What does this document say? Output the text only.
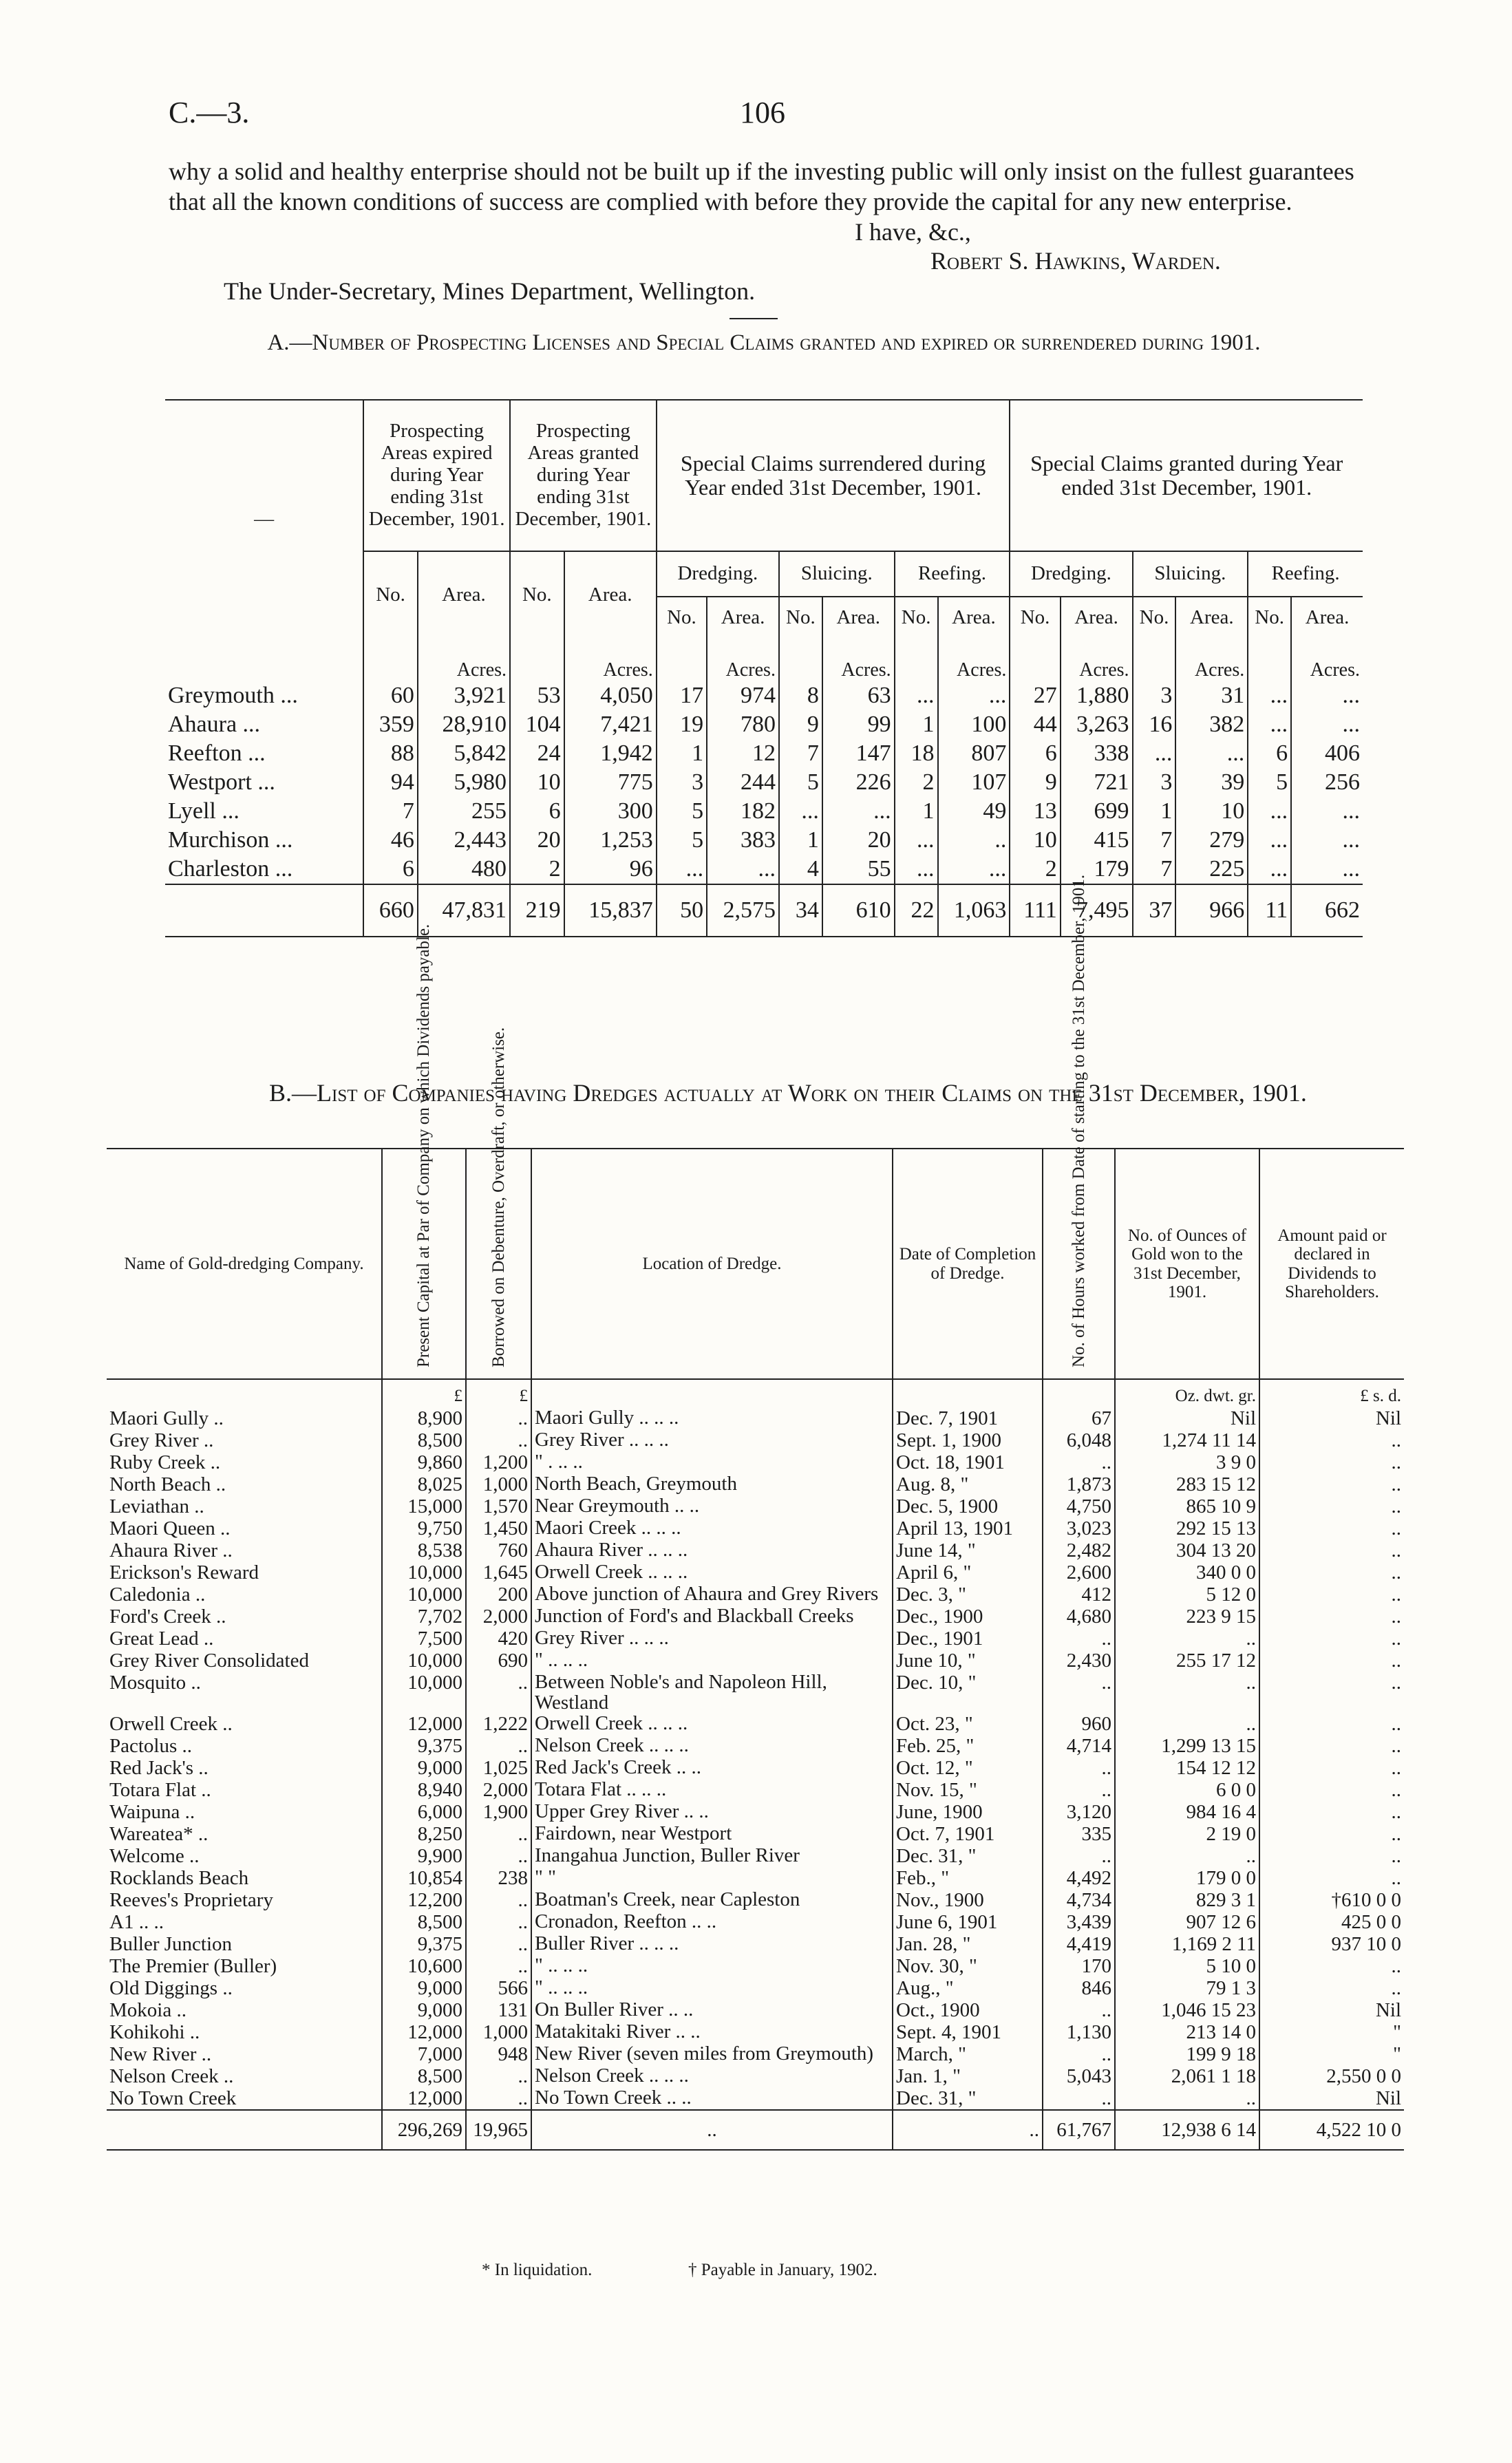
C.—3.	106
why a solid and healthy enterprise should not be built up if the investing public will only insist on the fullest guarantees that all the known conditions of success are complied with before they provide the capital for any new enterprise.
I have, &c.,
Robert S. Hawkins, Warden.
The Under-Secretary, Mines Department, Wellington.
A.—Number of Prospecting Licenses and Special Claims granted and expired or surrendered during 1901.
—	Prospecting Areas expired during Year ending 31st December, 1901.		Prospecting Areas granted during Year ending 31st December, 1901.		Special Claims surrendered during Year ended 31st December, 1901.						Special Claims granted during Year ended 31st December, 1901.					
	No.	Area.	No.	Area.	Dredging.		Sluicing.		Reefing.		Dredging.		Sluicing.		Reefing.	
					No.	Area.	No.	Area.	No.	Area.	No.	Area.	No.	Area.	No.	Area.
		Acres.		Acres.		Acres.		Acres.		Acres.		Acres.		Acres.		Acres.
Greymouth ...	60	3,921	53	4,050	17	974	8	63	...	...	27	1,880	3	31	...	...
Ahaura ...	359	28,910	104	7,421	19	780	9	99	1	100	44	3,263	16	382	...	...
Reefton ...	88	5,842	24	1,942	1	12	7	147	18	807	6	338	...	...	6	406
Westport ...	94	5,980	10	775	3	244	5	226	2	107	9	721	3	39	5	256
Lyell ...	7	255	6	300	5	182	...	...	1	49	13	699	1	10	...	...
Murchison ...	46	2,443	20	1,253	5	383	1	20	...	..	10	415	7	279	...	...
Charleston ...	6	480	2	96	...	...	4	55	...	...	2	179	7	225	...	...
	660	47,831	219	15,837	50	2,575	34	610	22	1,063	111	7,495	37	966	11	662
B.—List of Companies having Dredges actually at Work on their Claims on the 31st December, 1901.
Name of Gold-dredging Company.	Present Capital at Par of Company on which Dividends payable.	Borrowed on Debenture, Overdraft, or otherwise.	Location of Dredge.	Date of Completion of Dredge.	No. of Hours worked from Date of starting to the 31st December, 1901.	No. of Ounces of Gold won to the 31st December, 1901.	Amount paid or declared in Dividends to Shareholders.
	£	£				Oz. dwt. gr.	£ s. d.
Maori Gully ..	8,900	..	Maori Gully .. .. ..	Dec. 7, 1901	67	Nil	Nil
Grey River ..	8,500	..	Grey River .. .. ..	Sept. 1, 1900	6,048	1,274 11 14	..
Ruby Creek ..	9,860	1,200	" . .. ..	Oct. 18, 1901	..	3 9 0	..
North Beach ..	8,025	1,000	North Beach, Greymouth	Aug. 8, "	1,873	283 15 12	..
Leviathan ..	15,000	1,570	Near Greymouth .. ..	Dec. 5, 1900	4,750	865 10 9	..
Maori Queen ..	9,750	1,450	Maori Creek .. .. ..	April 13, 1901	3,023	292 15 13	..
Ahaura River ..	8,538	760	Ahaura River .. .. ..	June 14, "	2,482	304 13 20	..
Erickson's Reward	10,000	1,645	Orwell Creek .. .. ..	April 6, "	2,600	340 0 0	..
Caledonia ..	10,000	200	Above junction of Ahaura and Grey Rivers	Dec. 3, "	412	5 12 0	..
Ford's Creek ..	7,702	2,000	Junction of Ford's and Blackball Creeks	Dec., 1900	4,680	223 9 15	..
Great Lead ..	7,500	420	Grey River .. .. ..	Dec., 1901	..	..	..
Grey River Consolidated	10,000	690	" .. .. ..	June 10, "	2,430	255 17 12	..
Mosquito ..	10,000	..	Between Noble's and Napoleon Hill, Westland	Dec. 10, "	..	..	..
Orwell Creek ..	12,000	1,222	Orwell Creek .. .. ..	Oct. 23, "	960	..	..
Pactolus ..	9,375	..	Nelson Creek .. .. ..	Feb. 25, "	4,714	1,299 13 15	..
Red Jack's ..	9,000	1,025	Red Jack's Creek .. ..	Oct. 12, "	..	154 12 12	..
Totara Flat ..	8,940	2,000	Totara Flat .. .. ..	Nov. 15, "	..	6 0 0	..
Waipuna ..	6,000	1,900	Upper Grey River .. ..	June, 1900	3,120	984 16 4	..
Wareatea* ..	8,250	..	Fairdown, near Westport	Oct. 7, 1901	335	2 19 0	..
Welcome ..	9,900	..	Inangahua Junction, Buller River	Dec. 31, "	..	..	..
Rocklands Beach	10,854	238	" "	Feb., "	4,492	179 0 0	..
Reeves's Proprietary	12,200	..	Boatman's Creek, near Capleston	Nov., 1900	4,734	829 3 1	†610 0 0
A1 .. ..	8,500	..	Cronadon, Reefton .. ..	June 6, 1901	3,439	907 12 6	425 0 0
Buller Junction	9,375	..	Buller River .. .. ..	Jan. 28, "	4,419	1,169 2 11	937 10 0
The Premier (Buller)	10,600	..	" .. .. ..	Nov. 30, "	170	5 10 0	..
Old Diggings ..	9,000	566	" .. .. ..	Aug., "	846	79 1 3	..
Mokoia ..	9,000	131	On Buller River .. ..	Oct., 1900	..	1,046 15 23	Nil
Kohikohi ..	12,000	1,000	Matakitaki River .. ..	Sept. 4, 1901	1,130	213 14 0	"
New River ..	7,000	948	New River (seven miles from Greymouth)	March, "	..	199 9 18	"
Nelson Creek ..	8,500	..	Nelson Creek .. .. ..	Jan. 1, "	5,043	2,061 1 18	2,550 0 0
No Town Creek	12,000	..	No Town Creek .. ..	Dec. 31, "	..	..	Nil
	296,269	19,965	..	..	61,767	12,938 6 14	4,522 10 0
* In liquidation.	† Payable in January, 1902.
